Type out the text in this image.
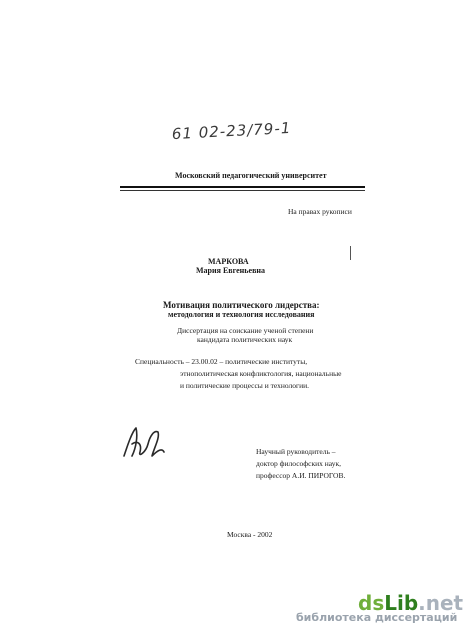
61 02-23/79-1
Московский педагогический университет
На правах рукописи
МАРКОВА
Мария Евгеньевна
Мотивация политического лидерства:
методология и технология исследования
Диссертация на соискание ученой степени
кандидата политических наук
Специальность – 23.00.02 – политические институты,
этнополитическая конфликтология, национальные
и политические процессы и технологии.
Научный руководитель –
доктор философских наук,
профессор А.И. ПИРОГОВ.
Москва - 2002
dsLib.net
библиотека диссертаций
